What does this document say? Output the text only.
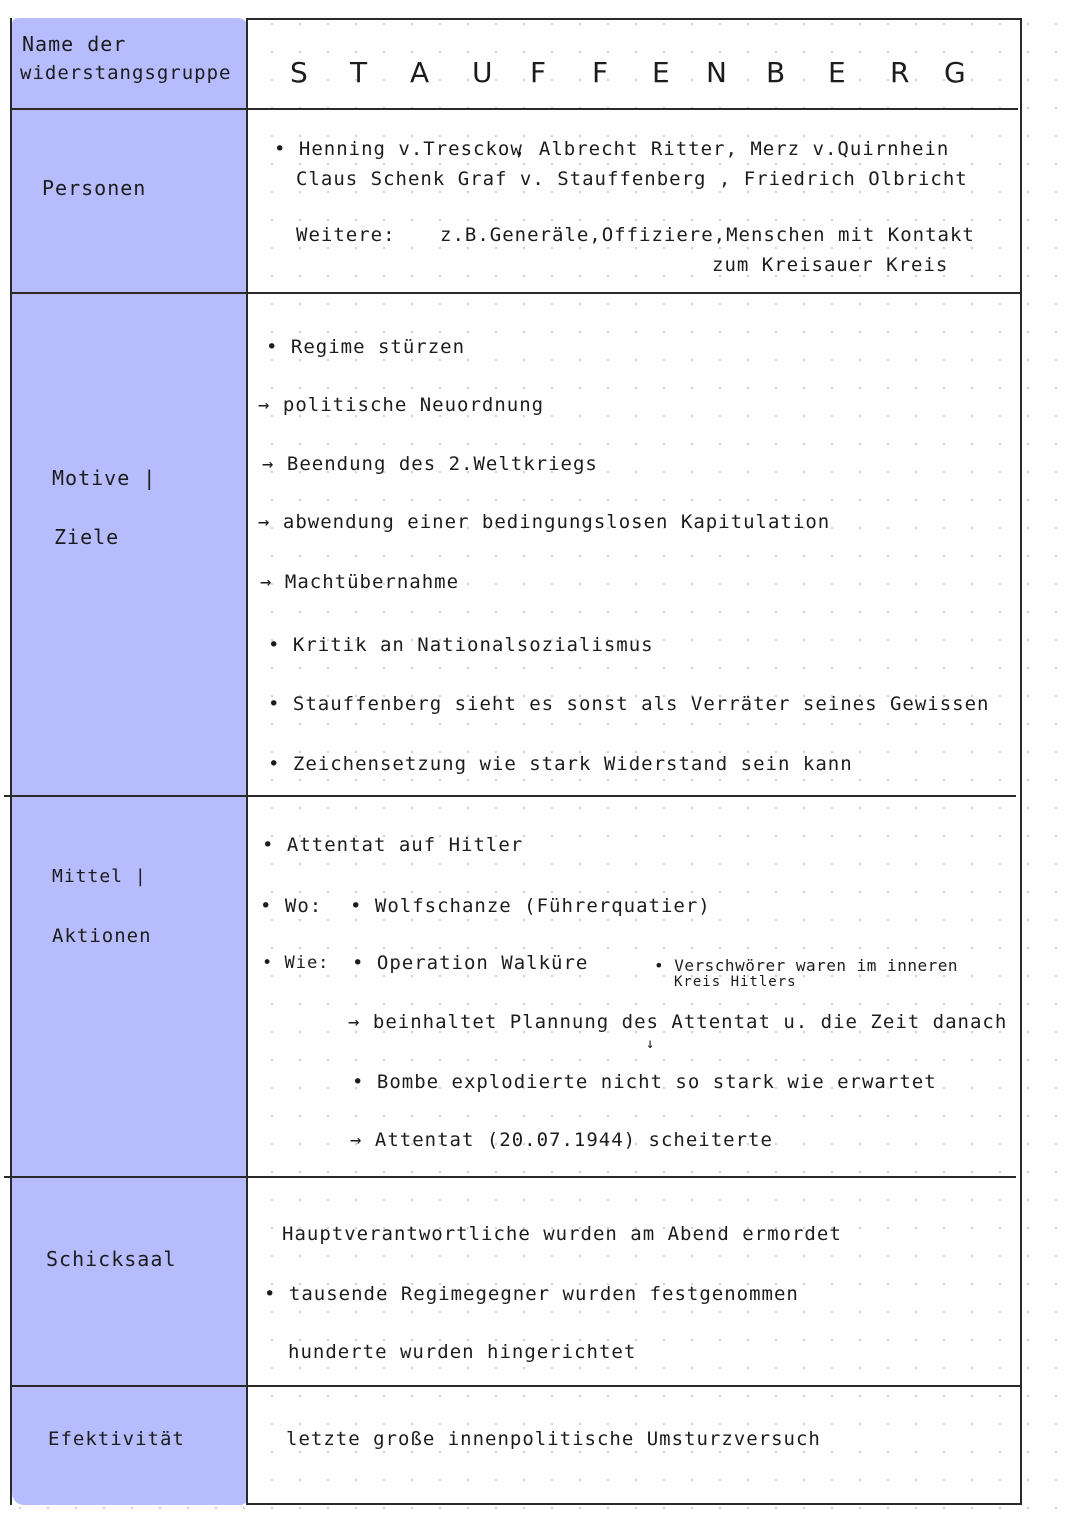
Name der
widerstangsgruppe S T A U F F E N B E R G
Personen
• Henning v.Tresckow
, Albrecht Ritter, Merz v.Quirnhein
Claus Schenk Graf v. Stauffenberg , Friedrich Olbricht
Weitere: z.B.Generäle,Offiziere,Menschen mit Kontakt
zum Kreisauer Kreis
Motive |
Ziele
• Regime stürzen
→ politische Neuordnung
→ Beendung des 2.Weltkriegs
→ abwendung einer bedingungslosen Kapitulation
→ Machtübernahme
• Kritik an Nationalsozialismus
• Stauffenberg sieht es sonst als Verräter seines Gewissen
• Zeichensetzung wie stark Widerstand sein kann
Mittel |
Aktionen
• Attentat auf Hitler
• Wo: • Wolfschanze (Führerquatier)
• Wie: • Operation Walküre	• Verschwörer waren im inneren
Kreis Hitlers
→ beinhaltet Plannung des Attentat u. die Zeit danach
↓
• Bombe explodierte nicht so stark wie erwartet
→ Attentat (20.07.1944) scheiterte
Schicksaal
Hauptverantwortliche wurden am Abend ermordet
• tausende Regimegegner wurden festgenommen
hunderte wurden hingerichtet
Efektivität	letzte große innenpolitische Umsturzversuch
